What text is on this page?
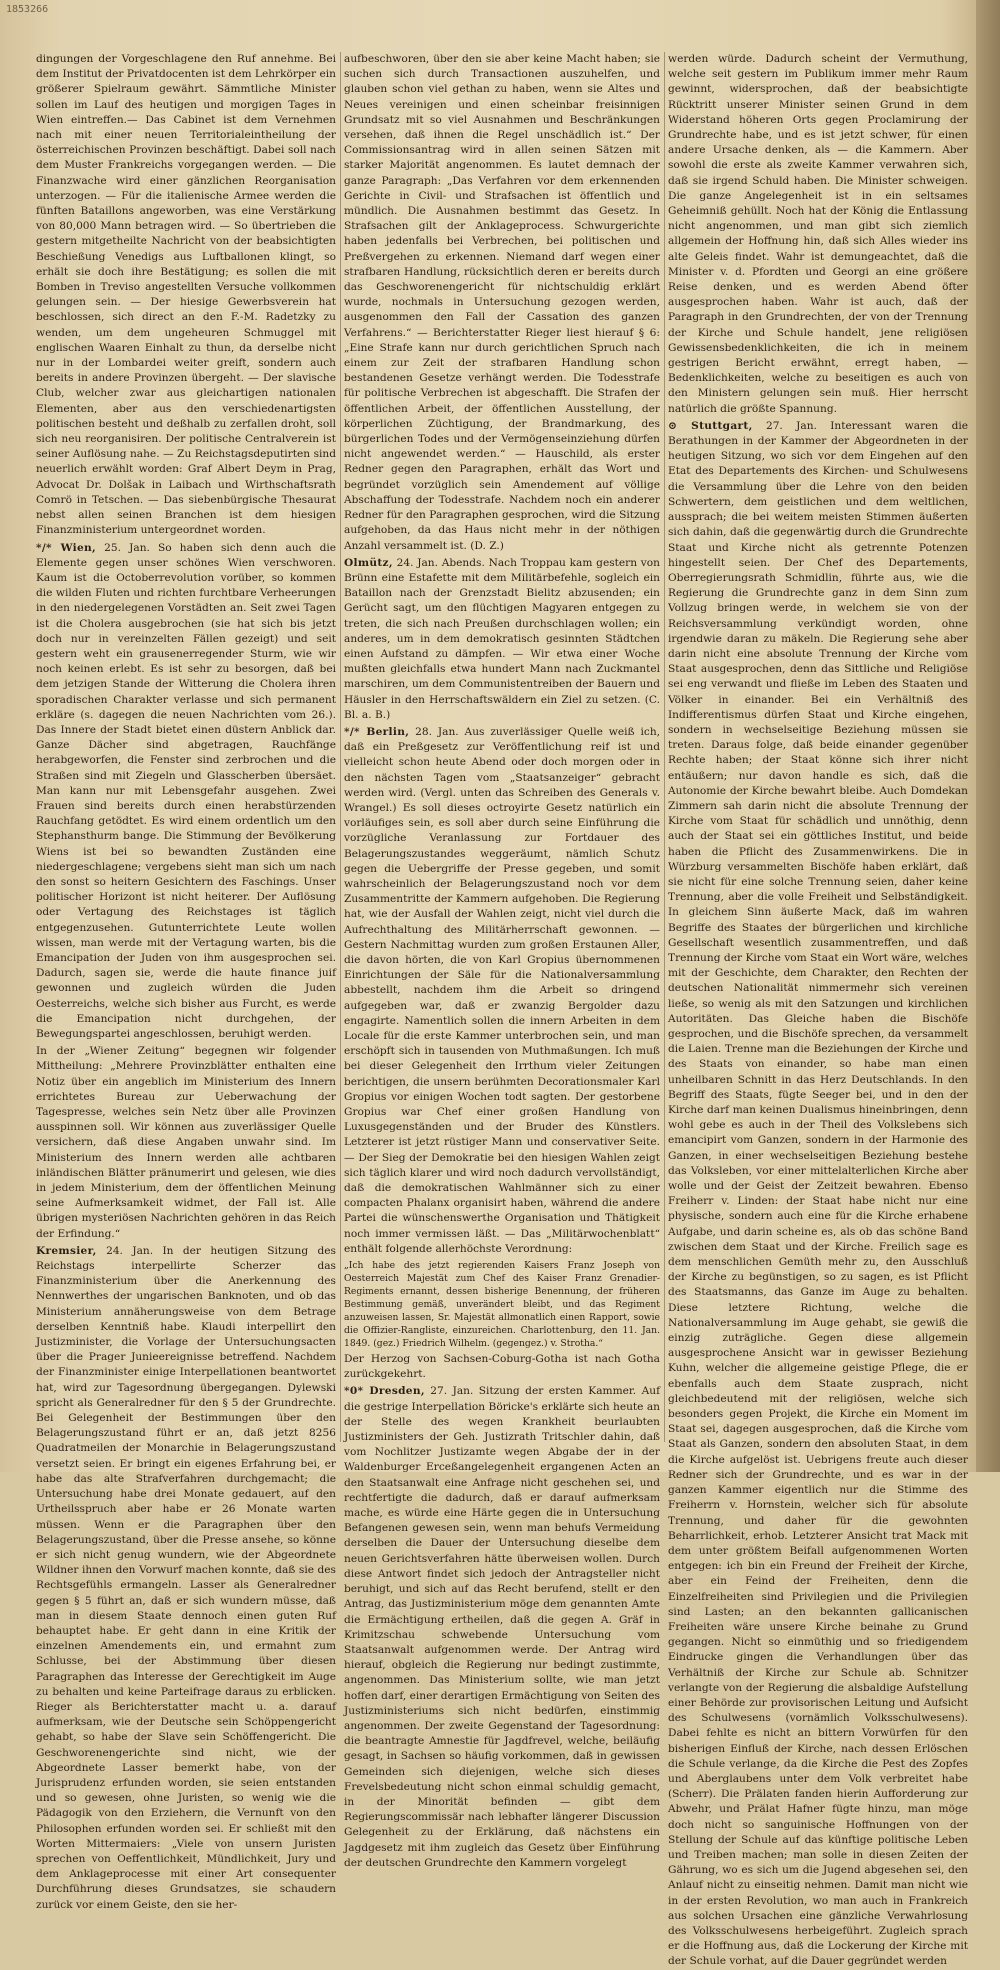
1853266

dingungen der Vorgeschlagene den Ruf annehme. Bei dem Institut der Privatdocenten ist dem Lehrkörper ein größerer Spielraum gewährt. Sämmtliche Minister sollen im Lauf des heutigen und morgigen Tages in Wien eintreffen.— Das Cabinet ist dem Vernehmen nach mit einer neuen Territorialeintheilung der österreichischen Provinzen beschäftigt. Dabei soll nach dem Muster Frankreichs vorgegangen werden. — Die Finanzwache wird einer gänzlichen Reorganisation unterzogen. — Für die italienische Armee werden die fünften Bataillons angeworben, was eine Verstärkung von 80,000 Mann betragen wird. — So übertrieben die gestern mitgetheilte Nachricht von der beabsichtigten Beschießung Venedigs aus Luftballonen klingt, so erhält sie doch ihre Bestätigung; es sollen die mit Bomben in Treviso angestellten Versuche vollkommen gelungen sein. — Der hiesige Gewerbsverein hat beschlossen, sich direct an den F.-M. Radetzky zu wenden, um dem ungeheuren Schmuggel mit englischen Waaren Einhalt zu thun, da derselbe nicht nur in der Lombardei weiter greift, sondern auch bereits in andere Provinzen übergeht. — Der slavische Club, welcher zwar aus gleichartigen nationalen Elementen, aber aus den verschiedenartigsten politischen besteht und deßhalb zu zerfallen droht, soll sich neu reorganisiren. Der politische Centralverein ist seiner Auflösung nahe. — Zu Reichstagsdeputirten sind neuerlich erwählt worden: Graf Albert Deym in Prag, Advocat Dr. Dolšak in Laibach und Wirthschaftsrath Comrö in Tetschen. — Das siebenbürgische Thesaurat nebst allen seinen Branchen ist dem hiesigen Finanzministerium untergeordnet worden.

*/* Wien, 25. Jan. So haben sich denn auch die Elemente gegen unser schönes Wien verschworen. Kaum ist die Octoberrevolution vorüber, so kommen die wilden Fluten und richten furchtbare Verheerungen in den niedergelegenen Vorstädten an. Seit zwei Tagen ist die Cholera ausgebrochen (sie hat sich bis jetzt doch nur in vereinzelten Fällen gezeigt) und seit gestern weht ein grausenerregender Sturm, wie wir noch keinen erlebt. Es ist sehr zu besorgen, daß bei dem jetzigen Stande der Witterung die Cholera ihren sporadischen Charakter verlasse und sich permanent erkläre (s. dagegen die neuen Nachrichten vom 26.). Das Innere der Stadt bietet einen düstern Anblick dar. Ganze Dächer sind abgetragen, Rauchfänge herabgeworfen, die Fenster sind zerbrochen und die Straßen sind mit Ziegeln und Glasscherben übersäet. Man kann nur mit Lebensgefahr ausgehen. Zwei Frauen sind bereits durch einen herabstürzenden Rauchfang getödtet. Es wird einem ordentlich um den Stephansthurm bange. Die Stimmung der Bevölkerung Wiens ist bei so bewandten Zuständen eine niedergeschlagene; vergebens sieht man sich um nach den sonst so heitern Gesichtern des Faschings. Unser politischer Horizont ist nicht heiterer. Der Auflösung oder Vertagung des Reichstages ist täglich entgegenzusehen. Gutunterrichtete Leute wollen wissen, man werde mit der Vertagung warten, bis die Emancipation der Juden von ihm ausgesprochen sei. Dadurch, sagen sie, werde die haute finance juif gewonnen und zugleich würden die Juden Oesterreichs, welche sich bisher aus Furcht, es werde die Emancipation nicht durchgehen, der Bewegungspartei angeschlossen, beruhigt werden.

In der „Wiener Zeitung“ begegnen wir folgender Mittheilung: „Mehrere Provinzblätter enthalten eine Notiz über ein angeblich im Ministerium des Innern errichtetes Bureau zur Ueberwachung der Tagespresse, welches sein Netz über alle Provinzen ausspinnen soll. Wir können aus zuverlässiger Quelle versichern, daß diese Angaben unwahr sind. Im Ministerium des Innern werden alle achtbaren inländischen Blätter pränumerirt und gelesen, wie dies in jedem Ministerium, dem der öffentlichen Meinung seine Aufmerksamkeit widmet, der Fall ist. Alle übrigen mysteriösen Nachrichten gehören in das Reich der Erfindung.“

Kremsier, 24. Jan. In der heutigen Sitzung des Reichstags interpellirte Scherzer das Finanzministerium über die Anerkennung des Nennwerthes der ungarischen Banknoten, und ob das Ministerium annäherungsweise von dem Betrage derselben Kenntniß habe. Klaudi interpellirt den Justizminister, die Vorlage der Untersuchungsacten über die Prager Junieereignisse betreffend. Nachdem der Finanzminister einige Interpellationen beantwortet hat, wird zur Tagesordnung übergegangen. Dylewski spricht als Generalredner für den § 5 der Grundrechte. Bei Gelegenheit der Bestimmungen über den Belagerungszustand führt er an, daß jetzt 8256 Quadratmeilen der Monarchie in Belagerungszustand versetzt seien. Er bringt ein eigenes Erfahrung bei, er habe das alte Strafverfahren durchgemacht; die Untersuchung habe drei Monate gedauert, auf den Urtheilsspruch aber habe er 26 Monate warten müssen. Wenn er die Paragraphen über den Belagerungszustand, über die Presse ansehe, so könne er sich nicht genug wundern, wie der Abgeordnete Wildner ihnen den Vorwurf machen konnte, daß sie des Rechtsgefühls ermangeln. Lasser als Generalredner gegen § 5 führt an, daß er sich wundern müsse, daß man in diesem Staate dennoch einen guten Ruf behauptet habe. Er geht dann in eine Kritik der einzelnen Amendements ein, und ermahnt zum Schlusse, bei der Abstimmung über diesen Paragraphen das Interesse der Gerechtigkeit im Auge zu behalten und keine Parteifrage daraus zu erblicken. Rieger als Berichterstatter macht u. a. darauf aufmerksam, wie der Deutsche sein Schöppengericht gehabt, so habe der Slave sein Schöffengericht. Die Geschworenengerichte sind nicht, wie der Abgeordnete Lasser bemerkt habe, von der Jurisprudenz erfunden worden, sie seien entstanden und so gewesen, ohne Juristen, so wenig wie die Pädagogik von den Erziehern, die Vernunft von den Philosophen erfunden worden sei. Er schließt mit den Worten Mittermaiers: „Viele von unsern Juristen sprechen von Oeffentlichkeit, Mündlichkeit, Jury und dem Anklageprocesse mit einer Art consequenter Durchführung dieses Grundsatzes, sie schaudern zurück vor einem Geiste, den sie her-

aufbeschworen, über den sie aber keine Macht haben; sie suchen sich durch Transactionen auszuhelfen, und glauben schon viel gethan zu haben, wenn sie Altes und Neues vereinigen und einen scheinbar freisinnigen Grundsatz mit so viel Ausnahmen und Beschränkungen versehen, daß ihnen die Regel unschädlich ist.“ Der Commissionsantrag wird in allen seinen Sätzen mit starker Majorität angenommen. Es lautet demnach der ganze Paragraph: „Das Verfahren vor dem erkennenden Gerichte in Civil- und Strafsachen ist öffentlich und mündlich. Die Ausnahmen bestimmt das Gesetz. In Strafsachen gilt der Anklageprocess. Schwurgerichte haben jedenfalls bei Verbrechen, bei politischen und Preßvergehen zu erkennen. Niemand darf wegen einer strafbaren Handlung, rücksichtlich deren er bereits durch das Geschworenengericht für nichtschuldig erklärt wurde, nochmals in Untersuchung gezogen werden, ausgenommen den Fall der Cassation des ganzen Verfahrens.“ — Berichterstatter Rieger liest hierauf § 6: „Eine Strafe kann nur durch gerichtlichen Spruch nach einem zur Zeit der strafbaren Handlung schon bestandenen Gesetze verhängt werden. Die Todesstrafe für politische Verbrechen ist abgeschafft. Die Strafen der öffentlichen Arbeit, der öffentlichen Ausstellung, der körperlichen Züchtigung, der Brandmarkung, des bürgerlichen Todes und der Vermögenseinziehung dürfen nicht angewendet werden.“ — Hauschild, als erster Redner gegen den Paragraphen, erhält das Wort und begründet vorzüglich sein Amendement auf völlige Abschaffung der Todesstrafe. Nachdem noch ein anderer Redner für den Paragraphen gesprochen, wird die Sitzung aufgehoben, da das Haus nicht mehr in der nöthigen Anzahl versammelt ist. (D. Z.)

Olmütz, 24. Jan. Abends. Nach Troppau kam gestern von Brünn eine Estafette mit dem Militärbefehle, sogleich ein Bataillon nach der Grenzstadt Bielitz abzusenden; ein Gerücht sagt, um den flüchtigen Magyaren entgegen zu treten, die sich nach Preußen durchschlagen wollen; ein anderes, um in dem demokratisch gesinnten Städtchen einen Aufstand zu dämpfen. — Wir etwa einer Woche mußten gleichfalls etwa hundert Mann nach Zuckmantel marschiren, um dem Communistentreiben der Bauern und Häusler in den Herrschaftswäldern ein Ziel zu setzen. (C. Bl. a. B.)

*/* Berlin, 28. Jan. Aus zuverlässiger Quelle weiß ich, daß ein Preßgesetz zur Veröffentlichung reif ist und vielleicht schon heute Abend oder doch morgen oder in den nächsten Tagen vom „Staatsanzeiger“ gebracht werden wird. (Vergl. unten das Schreiben des Generals v. Wrangel.) Es soll dieses octroyirte Gesetz natürlich ein vorläufiges sein, es soll aber durch seine Einführung die vorzügliche Veranlassung zur Fortdauer des Belagerungszustandes weggeräumt, nämlich Schutz gegen die Uebergriffe der Presse gegeben, und somit wahrscheinlich der Belagerungszustand noch vor dem Zusammentritte der Kammern aufgehoben. Die Regierung hat, wie der Ausfall der Wahlen zeigt, nicht viel durch die Aufrechthaltung des Militärherrschaft gewonnen. — Gestern Nachmittag wurden zum großen Erstaunen Aller, die davon hörten, die von Karl Gropius übernommenen Einrichtungen der Säle für die Nationalversammlung abbestellt, nachdem ihm die Arbeit so dringend aufgegeben war, daß er zwanzig Bergolder dazu engagirte. Namentlich sollen die innern Arbeiten in dem Locale für die erste Kammer unterbrochen sein, und man erschöpft sich in tausenden von Muthmaßungen. Ich muß bei dieser Gelegenheit den Irrthum vieler Zeitungen berichtigen, die unsern berühmten Decorationsmaler Karl Gropius vor einigen Wochen todt sagten. Der gestorbene Gropius war Chef einer großen Handlung von Luxusgegenständen und der Bruder des Künstlers. Letzterer ist jetzt rüstiger Mann und conservativer Seite. — Der Sieg der Demokratie bei den hiesigen Wahlen zeigt sich täglich klarer und wird noch dadurch vervollständigt, daß die demokratischen Wahlmänner sich zu einer compacten Phalanx organisirt haben, während die andere Partei die wünschenswerthe Organisation und Thätigkeit noch immer vermissen läßt. — Das „Militärwochenblatt“ enthält folgende allerhöchste Verordnung:

„Ich habe des jetzt regierenden Kaisers Franz Joseph von Oesterreich Majestät zum Chef des Kaiser Franz Grenadier-Regiments ernannt, dessen bisherige Benennung, der früheren Bestimmung gemäß, unverändert bleibt, und das Regiment anzuweisen lassen, Sr. Majestät allmonatlich einen Rapport, sowie die Offizier-Rangliste, einzureichen. Charlottenburg, den 11. Jan. 1849. (gez.) Friedrich Wilhelm. (gegengez.) v. Strotha.“

Der Herzog von Sachsen-Coburg-Gotha ist nach Gotha zurückgekehrt.

*0* Dresden, 27. Jan. Sitzung der ersten Kammer. Auf die gestrige Interpellation Böricke's erklärte sich heute an der Stelle des wegen Krankheit beurlaubten Justizministers der Geh. Justizrath Tritschler dahin, daß vom Nochlitzer Justizamte wegen Abgabe der in der Waldenburger Erceßangelegenheit ergangenen Acten an den Staatsanwalt eine Anfrage nicht geschehen sei, und rechtfertigte die dadurch, daß er darauf aufmerksam mache, es würde eine Härte gegen die in Untersuchung Befangenen gewesen sein, wenn man behufs Vermeidung derselben die Dauer der Untersuchung dieselbe dem neuen Gerichtsverfahren hätte überweisen wollen. Durch diese Antwort findet sich jedoch der Antragsteller nicht beruhigt, und sich auf das Recht berufend, stellt er den Antrag, das Justizministerium möge dem genannten Amte die Ermächtigung ertheilen, daß die gegen A. Gräf in Krimitzschau schwebende Untersuchung vom Staatsanwalt aufgenommen werde. Der Antrag wird hierauf, obgleich die Regierung nur bedingt zustimmte, angenommen. Das Ministerium sollte, wie man jetzt hoffen darf, einer derartigen Ermächtigung von Seiten des Justizministeriums sich nicht bedürfen, einstimmig angenommen. Der zweite Gegenstand der Tagesordnung: die beantragte Amnestie für Jagdfrevel, welche, beiläufig gesagt, in Sachsen so häufig vorkommen, daß in gewissen Gemeinden sich diejenigen, welche sich dieses Frevelsbedeutung nicht schon einmal schuldig gemacht, in der Minorität befinden — gibt dem Regierungscommissär nach lebhafter längerer Discussion Gelegenheit zu der Erklärung, daß nächstens ein Jagdgesetz mit ihm zugleich das Gesetz über Einführung der deutschen Grundrechte den Kammern vorgelegt

werden würde. Dadurch scheint der Vermuthung, welche seit gestern im Publikum immer mehr Raum gewinnt, widersprochen, daß der beabsichtigte Rücktritt unserer Minister seinen Grund in dem Widerstand höheren Orts gegen Proclamirung der Grundrechte habe, und es ist jetzt schwer, für einen andere Ursache denken, als — die Kammern. Aber sowohl die erste als zweite Kammer verwahren sich, daß sie irgend Schuld haben. Die Minister schweigen. Die ganze Angelegenheit ist in ein seltsames Geheimniß gehüllt. Noch hat der König die Entlassung nicht angenommen, und man gibt sich ziemlich allgemein der Hoffnung hin, daß sich Alles wieder ins alte Geleis findet. Wahr ist demungeachtet, daß die Minister v. d. Pfordten und Georgi an eine größere Reise denken, und es werden Abend öfter ausgesprochen haben. Wahr ist auch, daß der Paragraph in den Grundrechten, der von der Trennung der Kirche und Schule handelt, jene religiösen Gewissensbedenklichkeiten, die ich in meinem gestrigen Bericht erwähnt, erregt haben, — Bedenklichkeiten, welche zu beseitigen es auch von den Ministern gelungen sein muß. Hier herrscht natürlich die größte Spannung.

⊙ Stuttgart, 27. Jan. Interessant waren die Berathungen in der Kammer der Abgeordneten in der heutigen Sitzung, wo sich vor dem Eingehen auf den Etat des Departements des Kirchen- und Schulwesens die Versammlung über die Lehre von den beiden Schwertern, dem geistlichen und dem weltlichen, aussprach; die bei weitem meisten Stimmen äußerten sich dahin, daß die gegenwärtig durch die Grundrechte Staat und Kirche nicht als getrennte Potenzen hingestellt seien. Der Chef des Departements, Oberregierungsrath Schmidlin, führte aus, wie die Regierung die Grundrechte ganz in dem Sinn zum Vollzug bringen werde, in welchem sie von der Reichsversammlung verkündigt worden, ohne irgendwie daran zu mäkeln. Die Regierung sehe aber darin nicht eine absolute Trennung der Kirche vom Staat ausgesprochen, denn das Sittliche und Religiöse sei eng verwandt und fließe im Leben des Staaten und Völker in einander. Bei ein Verhältniß des Indifferentismus dürfen Staat und Kirche eingehen, sondern in wechselseitige Beziehung müssen sie treten. Daraus folge, daß beide einander gegenüber Rechte haben; der Staat könne sich ihrer nicht entäußern; nur davon handle es sich, daß die Autonomie der Kirche bewahrt bleibe. Auch Domdekan Zimmern sah darin nicht die absolute Trennung der Kirche vom Staat für schädlich und unnöthig, denn auch der Staat sei ein göttliches Institut, und beide haben die Pflicht des Zusammenwirkens. Die in Würzburg versammelten Bischöfe haben erklärt, daß sie nicht für eine solche Trennung seien, daher keine Trennung, aber die volle Freiheit und Selbständigkeit. In gleichem Sinn äußerte Mack, daß im wahren Begriffe des Staates der bürgerlichen und kirchliche Gesellschaft wesentlich zusammentreffen, und daß Trennung der Kirche vom Staat ein Wort wäre, welches mit der Geschichte, dem Charakter, den Rechten der deutschen Nationalität nimmermehr sich vereinen ließe, so wenig als mit den Satzungen und kirchlichen Autoritäten. Das Gleiche haben die Bischöfe gesprochen, und die Bischöfe sprechen, da versammelt die Laien. Trenne man die Beziehungen der Kirche und des Staats von einander, so habe man einen unheilbaren Schnitt in das Herz Deutschlands. In den Begriff des Staats, fügte Seeger bei, und in den der Kirche darf man keinen Dualismus hineinbringen, denn wohl gebe es auch in der Theil des Volkslebens sich emancipirt vom Ganzen, sondern in der Harmonie des Ganzen, in einer wechselseitigen Beziehung bestehe das Volksleben, vor einer mittelalterlichen Kirche aber wolle und der Geist der Zeitzeit bewahren. Ebenso Freiherr v. Linden: der Staat habe nicht nur eine physische, sondern auch eine für die Kirche erhabene Aufgabe, und darin scheine es, als ob das schöne Band zwischen dem Staat und der Kirche. Freilich sage es dem menschlichen Gemüth mehr zu, den Ausschluß der Kirche zu begünstigen, so zu sagen, es ist Pflicht des Staatsmanns, das Ganze im Auge zu behalten. Diese letztere Richtung, welche die Nationalversammlung im Auge gehabt, sie gewiß die einzig zuträgliche. Gegen diese allgemein ausgesprochene Ansicht war in gewisser Beziehung Kuhn, welcher die allgemeine geistige Pflege, die er ebenfalls auch dem Staate zusprach, nicht gleichbedeutend mit der religiösen, welche sich besonders gegen Projekt, die Kirche ein Moment im Staat sei, dagegen ausgesprochen, daß die Kirche vom Staat als Ganzen, sondern den absoluten Staat, in dem die Kirche aufgelöst ist. Uebrigens freute auch dieser Redner sich der Grundrechte, und es war in der ganzen Kammer eigentlich nur die Stimme des Freiherrn v. Hornstein, welcher sich für absolute Trennung, und daher für die gewohnten Beharrlichkeit, erhob. Letzterer Ansicht trat Mack mit dem unter größtem Beifall aufgenommenen Worten entgegen: ich bin ein Freund der Freiheit der Kirche, aber ein Feind der Freiheiten, denn die Einzelfreiheiten sind Privilegien und die Privilegien sind Lasten; an den bekannten gallicanischen Freiheiten wäre unsere Kirche beinahe zu Grund gegangen. Nicht so einmüthig und so friedigendem Eindrucke gingen die Verhandlungen über das Verhältniß der Kirche zur Schule ab. Schnitzer verlangte von der Regierung die alsbaldige Aufstellung einer Behörde zur provisorischen Leitung und Aufsicht des Schulwesens (vornämlich Volksschulwesens). Dabei fehlte es nicht an bittern Vorwürfen für den bisherigen Einfluß der Kirche, nach dessen Erlöschen die Schule verlange, da die Kirche die Pest des Zopfes und Aberglaubens unter dem Volk verbreitet habe (Scherr). Die Prälaten fanden hierin Aufforderung zur Abwehr, und Prälat Hafner fügte hinzu, man möge doch nicht so sanguinische Hoffnungen von der Stellung der Schule auf das künftige politische Leben und Treiben machen; man solle in diesen Zeiten der Gährung, wo es sich um die Jugend abgesehen sei, den Anlauf nicht zu einseitig nehmen. Damit man nicht wie in der ersten Revolution, wo man auch in Frankreich aus solchen Ursachen eine gänzliche Verwahrlosung des Volksschulwesens herbeigeführt. Zugleich sprach er die Hoffnung aus, daß die Lockerung der Kirche mit der Schule vorhat, auf die Dauer gegründet werden
